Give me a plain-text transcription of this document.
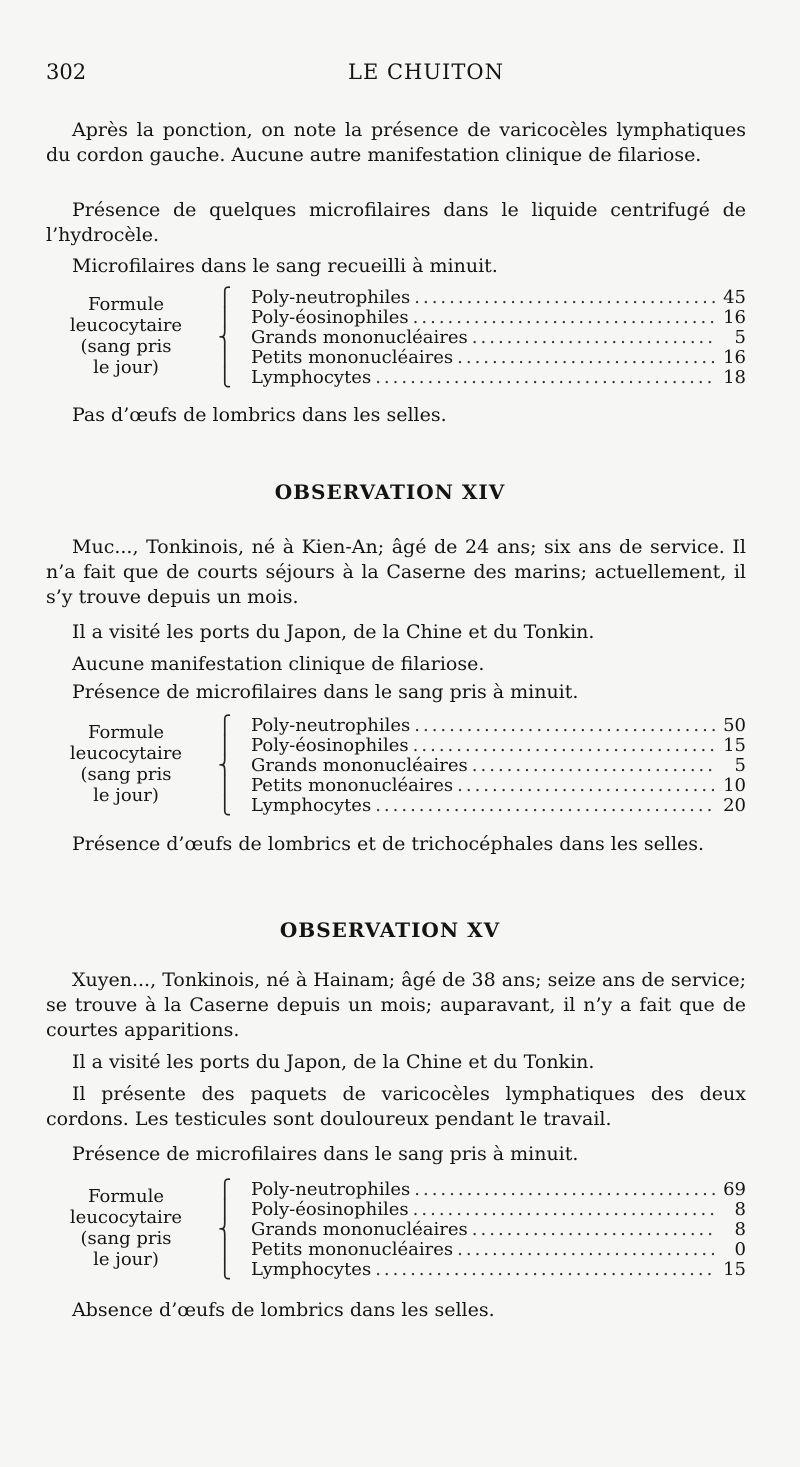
302	LE CHUITON

Après la ponction, on note la présence de varicocèles lymphatiques du cordon gauche. Aucune autre manifestation clinique de filariose.

Présence de quelques microfilaires dans le liquide centrifugé de l’hydrocèle.

Microfilaires dans le sang recueilli à minuit.

Formule
leucocytaire
(sang pris
le jour)
⎧
⎪
⎨
⎪
⎩
Poly-neutrophiles .....	45
Poly-éosinophiles .....	16
Grands mononucléaires .....	5
Petits mononucléaires .....	16
Lymphocytes .....	18

Pas d’œufs de lombrics dans les selles.

OBSERVATION XIV

Muc..., Tonkinois, né à Kien-An; âgé de 24 ans; six ans de service. Il n’a fait que de courts séjours à la Caserne des marins; actuellement, il s’y trouve depuis un mois.

Il a visité les ports du Japon, de la Chine et du Tonkin.

Aucune manifestation clinique de filariose.

Présence de microfilaires dans le sang pris à minuit.

Formule
leucocytaire
(sang pris
le jour)
⎧
⎪
⎨
⎪
⎩
Poly-neutrophiles .....	50
Poly-éosinophiles .....	15
Grands mononucléaires .....	5
Petits mononucléaires .....	10
Lymphocytes .....	20

Présence d’œufs de lombrics et de trichocéphales dans les selles.

OBSERVATION XV

Xuyen..., Tonkinois, né à Hainam; âgé de 38 ans; seize ans de service; se trouve à la Caserne depuis un mois; auparavant, il n’y a fait que de courtes apparitions.

Il a visité les ports du Japon, de la Chine et du Tonkin.

Il présente des paquets de varicocèles lymphatiques des deux cordons. Les testicules sont douloureux pendant le travail.

Présence de microfilaires dans le sang pris à minuit.

Formule
leucocytaire
(sang pris
le jour)
⎧
⎪
⎨
⎪
⎩
Poly-neutrophiles .....	69
Poly-éosinophiles .....	8
Grands mononucléaires .....	8
Petits mononucléaires .....	0
Lymphocytes .....	15

Absence d’œufs de lombrics dans les selles.
